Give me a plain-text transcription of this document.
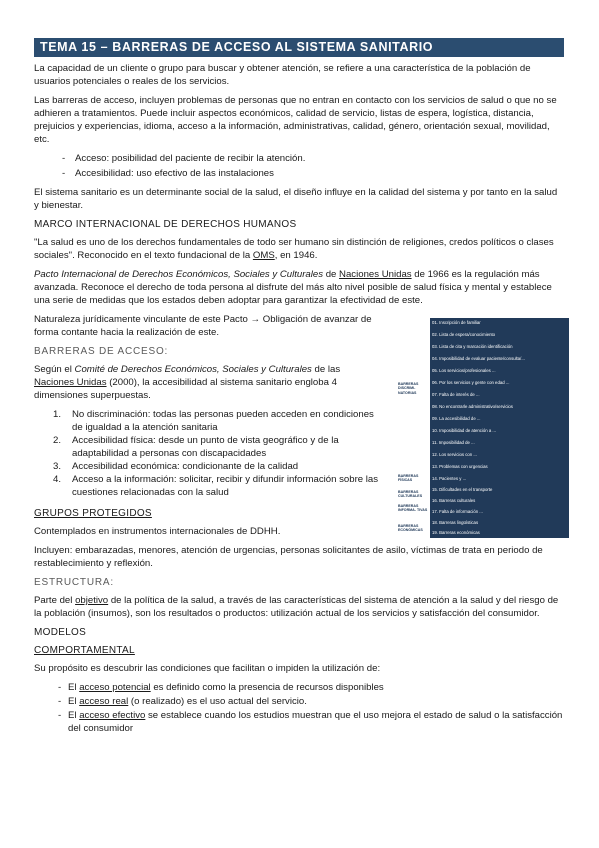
TEMA 15 – BARRERAS DE ACCESO AL SISTEMA SANITARIO

La capacidad de un cliente o grupo para buscar y obtener atención, se refiere a una característica de la población de usuarios potenciales o reales de los servicios.

Las barreras de acceso, incluyen problemas de personas que no entran en contacto con los servicios de salud o que no se adhieren a tratamientos. Puede incluir aspectos económicos, calidad de servicio, listas de espera, logística, distancia, prejuicios y experiencias, idioma, acceso a la información, administrativas, calidad, género, orientación sexual, movilidad, etc.

- Acceso: posibilidad del paciente de recibir la atención.
- Accesibilidad: uso efectivo de las instalaciones

El sistema sanitario es un determinante social de la salud, el diseño influye en la calidad del sistema y por tanto en la salud y bienestar.

MARCO INTERNACIONAL DE DERECHOS HUMANOS

"La salud es uno de los derechos fundamentales de todo ser humano sin distinción de religiones, credos políticos o clases sociales". Reconocido en el texto fundacional de la OMS, en 1946.

Pacto Internacional de Derechos Económicos, Sociales y Culturales de Naciones Unidas de 1966 es la regulación más avanzada. Reconoce el derecho de toda persona al disfrute del más alto nivel posible de salud física y mental y establece una serie de medidas que los estados deben adoptar para garantizar la efectividad de este.

Naturaleza jurídicamente vinculante de este Pacto → Obligación de avanzar de forma contante hacia la realización de este.

BARRERAS DE ACCESO:

Según el Comité de Derechos Económicos, Sociales y Culturales de las Naciones Unidas (2000), la accesibilidad al sistema sanitario engloba 4 dimensiones superpuestas.

1. No discriminación: todas las personas pueden acceden en condiciones de igualdad a la atención sanitaria
2. Accesibilidad física: desde un punto de vista geográfico y de la adaptabilidad a personas con discapacidades
3. Accesibilidad económica: condicionante de la calidad
4. Acceso a la información: solicitar, recibir y difundir información sobre las cuestiones relacionadas con la salud
GRUPOS PROTEGIDOS

Contemplados en instrumentos internacionales de DDHH.

Incluyen: embarazadas, menores, atención de urgencias, personas solicitantes de asilo, víctimas de trata en periodo de restablecimiento y reflexión.

ESTRUCTURA:

Parte del objetivo de la política de la salud, a través de las características del sistema de atención a la salud y del riesgo de la población (insumos), son los resultados o productos: utilización actual de los servicios y satisfacción del consumidor.

MODELOS
COMPORTAMENTAL

Su propósito es descubrir las condiciones que facilitan o impiden la utilización de:

- El acceso potencial es definido como la presencia de recursos disponibles
- El acceso real (o realizado) es el uso actual del servicio.
- El acceso efectivo se establece cuando los estudios muestran que el uso mejora el estado de salud o la satisfacción del consumidor
01. Inscripción de familiar
02. Lista de espera/conocimiento
03. Lista de cita y marcación identificación
04. Imposibilidad de evaluar paciente/consulta/...
05. Los servicios/profesionales ...
06. Por los servicios y gente con edad ...
07. Falta de interés de ...
08. No encontrarle administrativo/servicios
09. La accesibilidad de ...
10. Imposibilidad de atención a ...
11. Imposibilidad de ...
12. Los servicios con ...
13. Problemas con urgencias
14. Pacientes y ...
15. Dificultades en el transporte
16. Barreras culturales
17. Falta de información ...
18. Barreras lingüísticas
19. Barreras económicas
BARRERAS DISCRIMI- NATORIAS
BARRERAS FÍSICAS
BARRERAS CULTURALES
BARRERAS INFORMA- TIVAS
BARRERAS ECONÓMICAS
